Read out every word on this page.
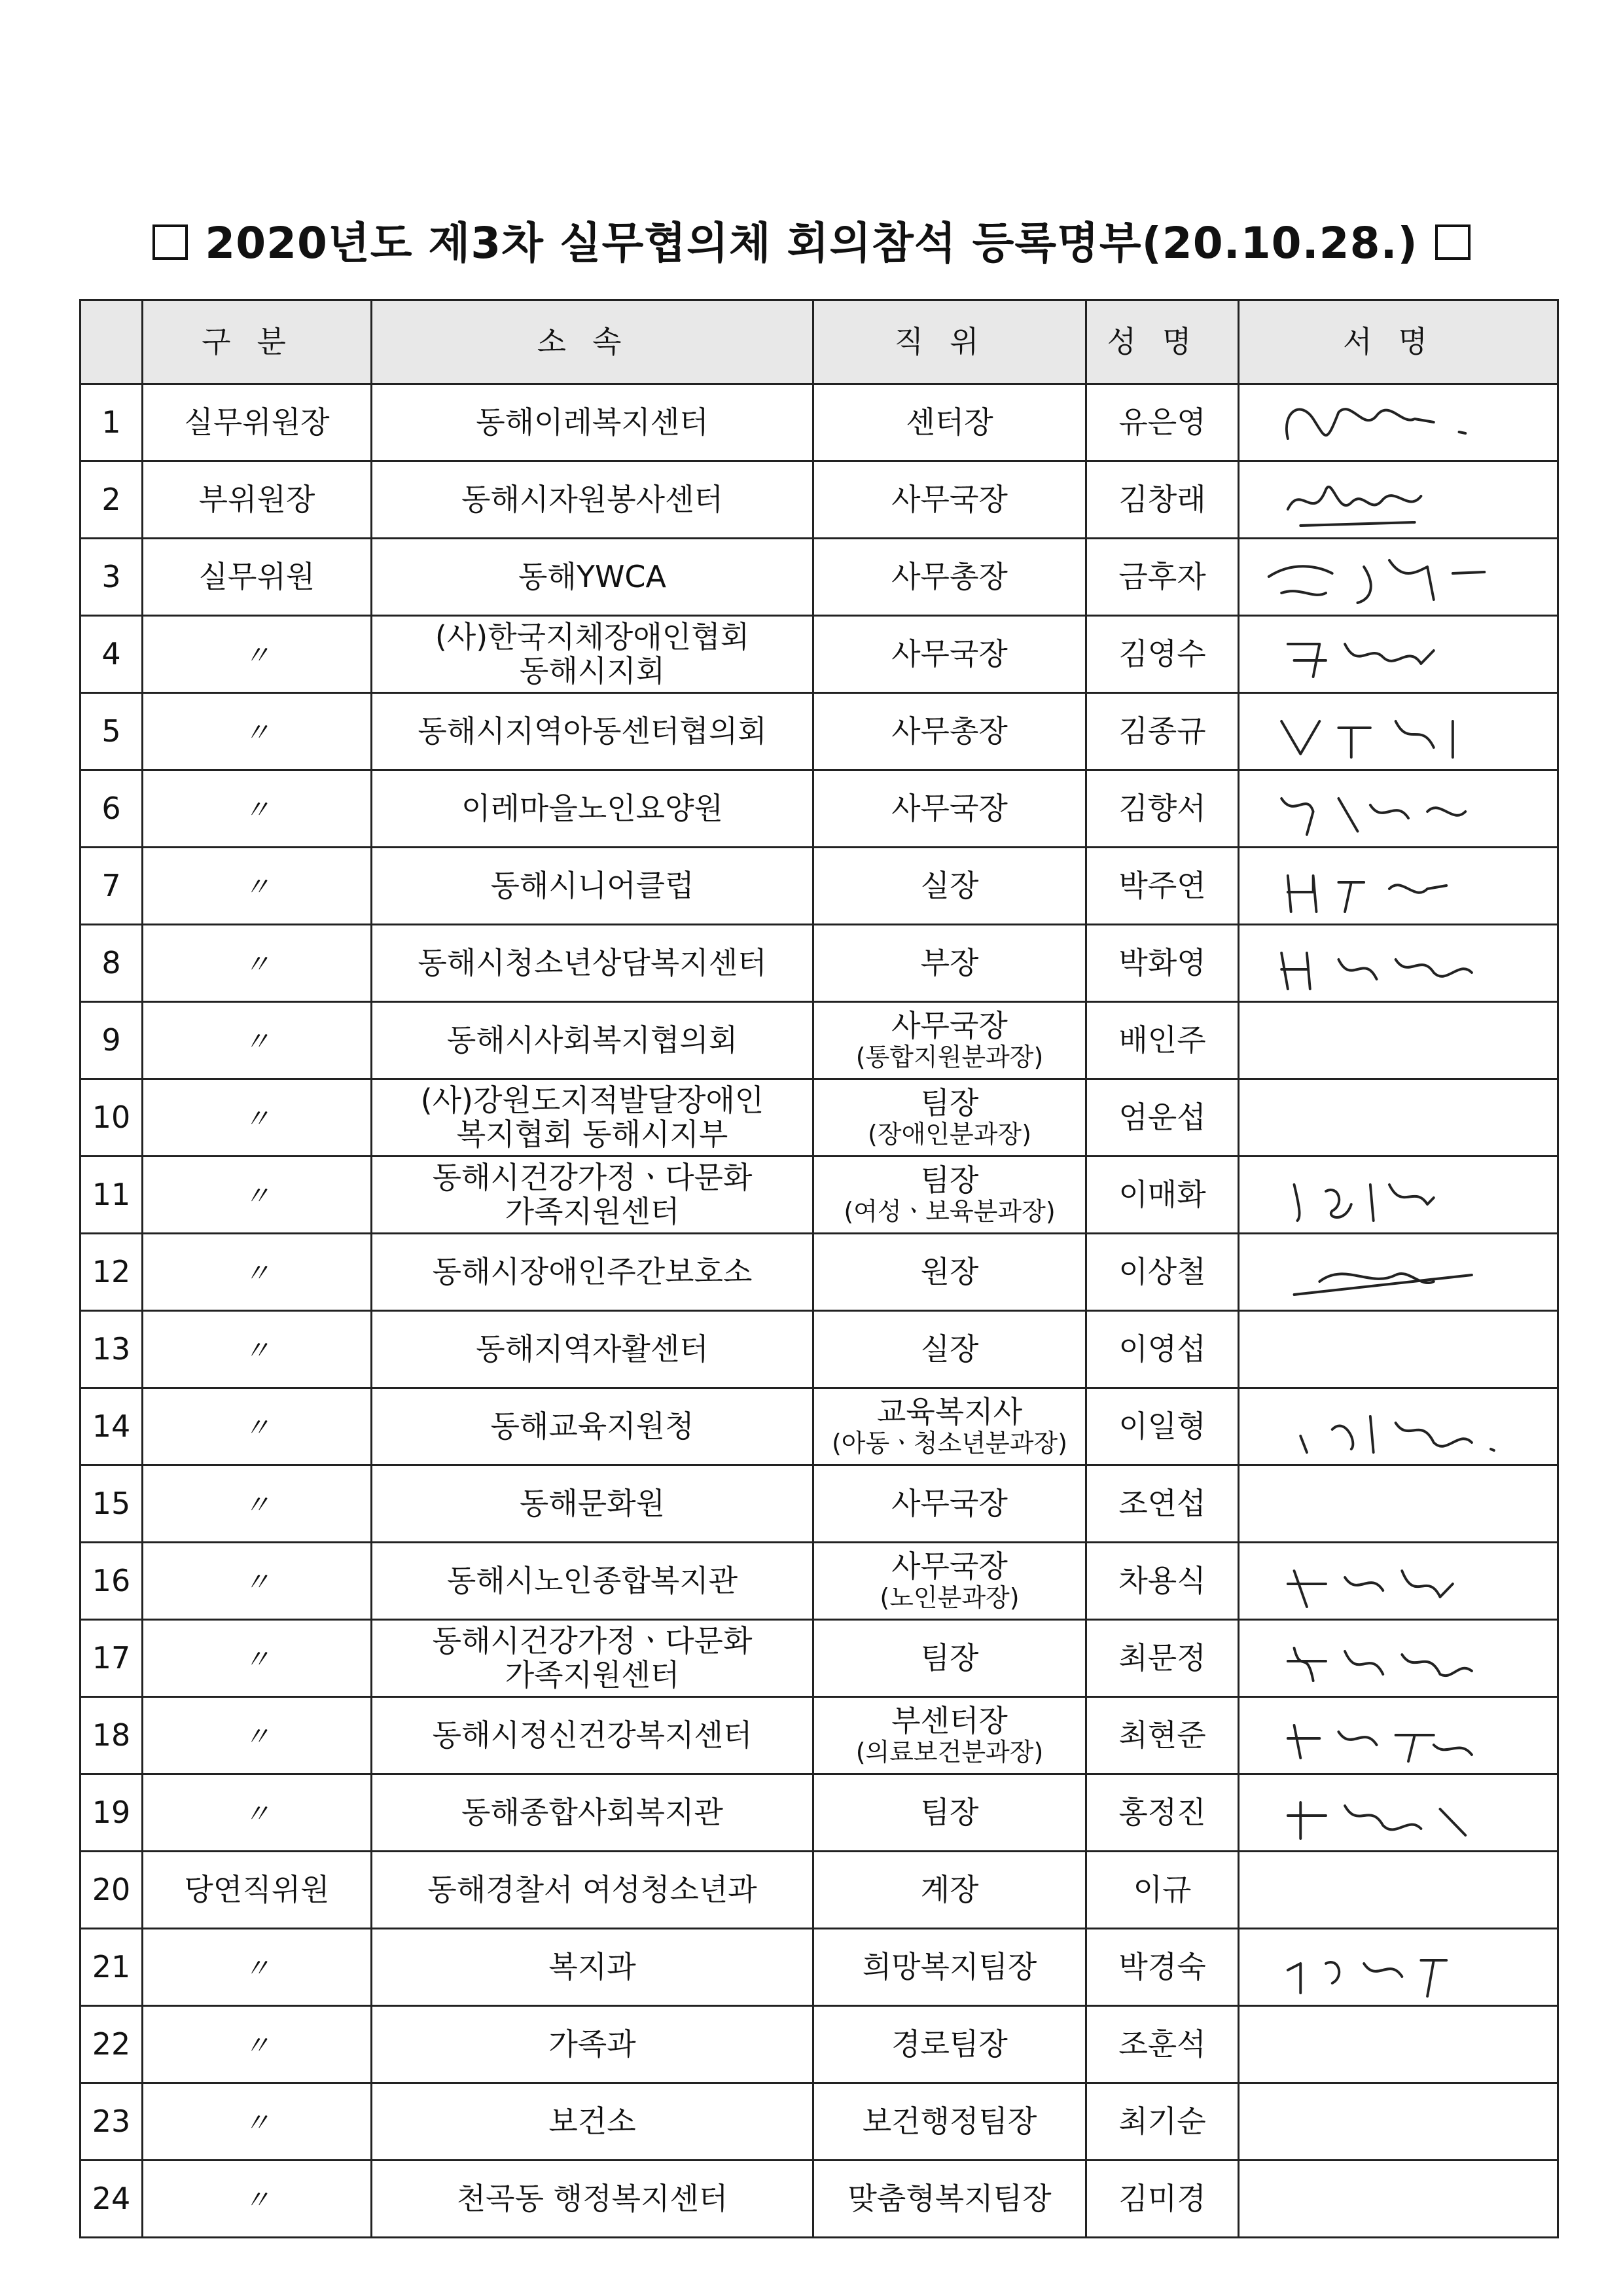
2020년도 제3차 실무협의체 회의참석 등록명부(20.10.28.)
	구분	소속	직위	성명	서명
1	실무위원장	동해이레복지센터	센터장	유은영	

2	부위원장	동해시자원봉사센터	사무국장	김창래	

3	실무위원	동해YWCA	사무총장	금후자	

4	〃	(사)한국지체장애인협회
동해시지회	사무국장	김영수	

5	〃	동해시지역아동센터협의회	사무총장	김종규	

6	〃	이레마을노인요양원	사무국장	김향서	

7	〃	동해시니어클럽	실장	박주연	

8	〃	동해시청소년상담복지센터	부장	박화영	

9	〃	동해시사회복지협의회	사무국장
(통합지원분과장)	배인주	
10	〃	(사)강원도지적발달장애인
복지협회 동해시지부	팀장
(장애인분과장)	엄운섭	
11	〃	동해시건강가정ㆍ다문화
가족지원센터	팀장
(여성ㆍ보육분과장)	이매화	

12	〃	동해시장애인주간보호소	원장	이상철	

13	〃	동해지역자활센터	실장	이영섭	
14	〃	동해교육지원청	교육복지사
(아동ㆍ청소년분과장)	이일형	

15	〃	동해문화원	사무국장	조연섭	
16	〃	동해시노인종합복지관	사무국장
(노인분과장)	차용식	

17	〃	동해시건강가정ㆍ다문화
가족지원센터	팀장	최문정	

18	〃	동해시정신건강복지센터	부센터장
(의료보건분과장)	최현준	

19	〃	동해종합사회복지관	팀장	홍정진	

20	당연직위원	동해경찰서 여성청소년과	계장	이규	
21	〃	복지과	희망복지팀장	박경숙	

22	〃	가족과	경로팀장	조훈석	
23	〃	보건소	보건행정팀장	최기순	
24	〃	천곡동 행정복지센터	맞춤형복지팀장	김미경	
